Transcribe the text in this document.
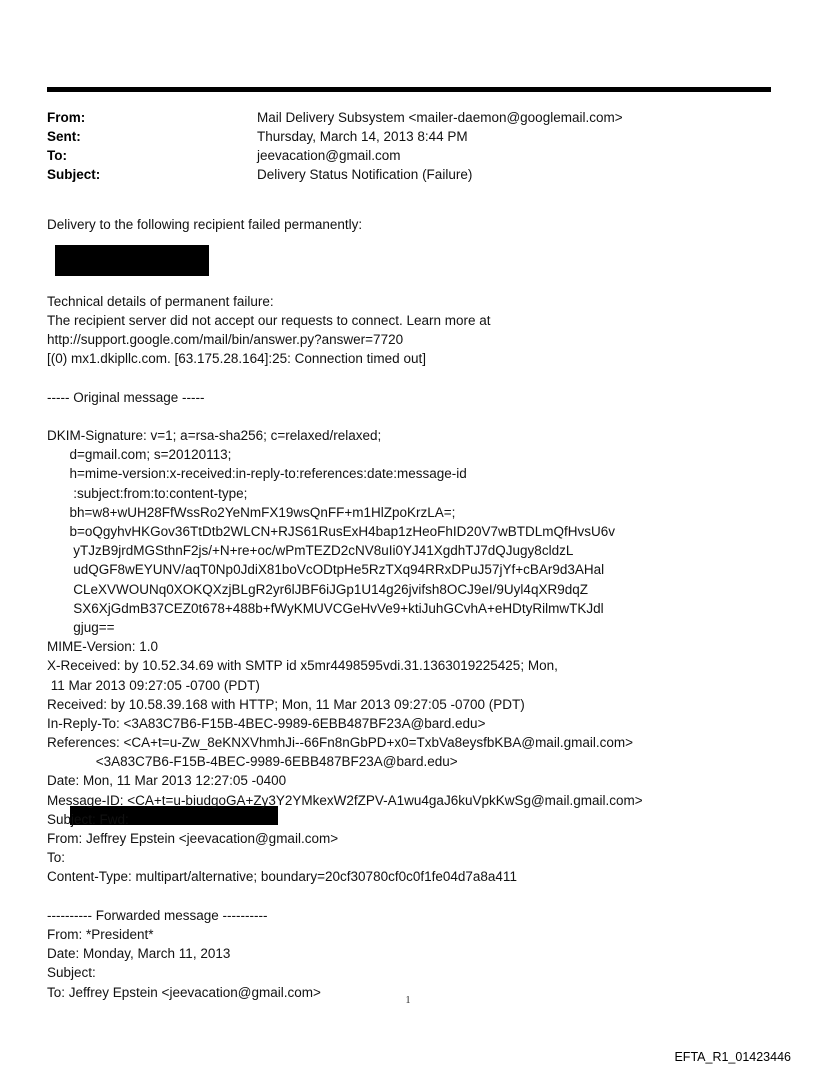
From:	Mail Delivery Subsystem <mailer-daemon@googlemail.com>
Sent:	Thursday, March 14, 2013 8:44 PM
To:	jeevacation@gmail.com
Subject:	Delivery Status Notification (Failure)
Delivery to the following recipient failed permanently:
Technical details of permanent failure:
The recipient server did not accept our requests to connect. Learn more at
http://support.google.com/mail/bin/answer.py?answer=7720
[(0) mx1.dkipllc.com. [63.175.28.164]:25: Connection timed out]
----- Original message -----
DKIM-Signature: v=1; a=rsa-sha256; c=relaxed/relaxed;
d=gmail.com; s=20120113;
h=mime-version:x-received:in-reply-to:references:date:message-id
:subject:from:to:content-type;
bh=w8+wUH28FfWssRo2YeNmFX19wsQnFF+m1HlZpoKrzLA=;
b=oQgyhvHKGov36TtDtb2WLCN+RJS61RusExH4bap1zHeoFhID20V7wBTDLmQfHvsU6v
yTJzB9jrdMGSthnF2js/+N+re+oc/wPmTEZD2cNV8uIi0YJ41XgdhTJ7dQJugy8cldzL
udQGF8wEYUNV/aqT0Np0JdiX81boVcODtpHe5RzTXq94RRxDPuJ57jYf+cBAr9d3AHal
CLeXVWOUNq0XOKQXzjBLgR2yr6lJBF6iJGp1U14g26jvifsh8OCJ9eI/9Uyl4qXR9dqZ
SX6XjGdmB37CEZ0t678+488b+fWyKMUVCGeHvVe9+ktiJuhGCvhA+eHDtyRilmwTKJdl
gjug==
MIME-Version: 1.0
X-Received: by 10.52.34.69 with SMTP id x5mr4498595vdi.31.1363019225425; Mon,
11 Mar 2013 09:27:05 -0700 (PDT)
Received: by 10.58.39.168 with HTTP; Mon, 11 Mar 2013 09:27:05 -0700 (PDT)
In-Reply-To: <3A83C7B6-F15B-4BEC-9989-6EBB487BF23A@bard.edu>
References: <CA+t=u-Zw_8eKNXVhmhJi--66Fn8nGbPD+x0=TxbVa8eysfbKBA@mail.gmail.com>
<3A83C7B6-F15B-4BEC-9989-6EBB487BF23A@bard.edu>
Date: Mon, 11 Mar 2013 12:27:05 -0400
Message-ID: <CA+t=u-biudgoGA+Zy3Y2YMkexW2fZPV-A1wu4gaJ6kuVpkKwSg@mail.gmail.com>
Subject: Fwd:
From: Jeffrey Epstein <jeevacation@gmail.com>
To:
Content-Type: multipart/alternative; boundary=20cf30780cf0c0f1fe04d7a8a411
---------- Forwarded message ----------
From: *President*
Date: Monday, March 11, 2013
Subject:
To: Jeffrey Epstein <jeevacation@gmail.com>
1
EFTA_R1_01423446
